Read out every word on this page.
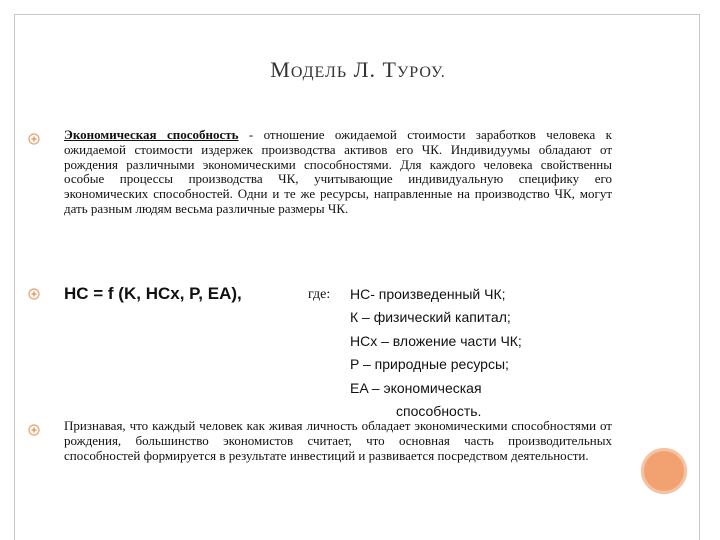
МОДЕЛЬ Л. ТУРОУ.

Экономическая способность - отношение ожидаемой стоимости заработков человека к ожидаемой стоимости издержек производства активов его ЧК. Индивидуумы обладают от рождения различными экономическими способностями. Для каждого человека свойственны особые процессы производства ЧК, учитывающие индивидуальную специфику его экономических способностей. Одни и те же ресурсы, направленные на производство ЧК, могут дать разным людям весьма различные размеры ЧК.

HC = f (K, HCx, P, EA),	где: HC- произведенный ЧК;
К – физический капитал;
HCx – вложение части ЧК;
P – природные ресурсы;
EA – экономическая
способность.

Признавая, что каждый человек как живая личность обладает экономическими способностями от рождения, большинство экономистов считает, что основная часть производительных способностей формируется в результате инвестиций и развивается посредством деятельности.
